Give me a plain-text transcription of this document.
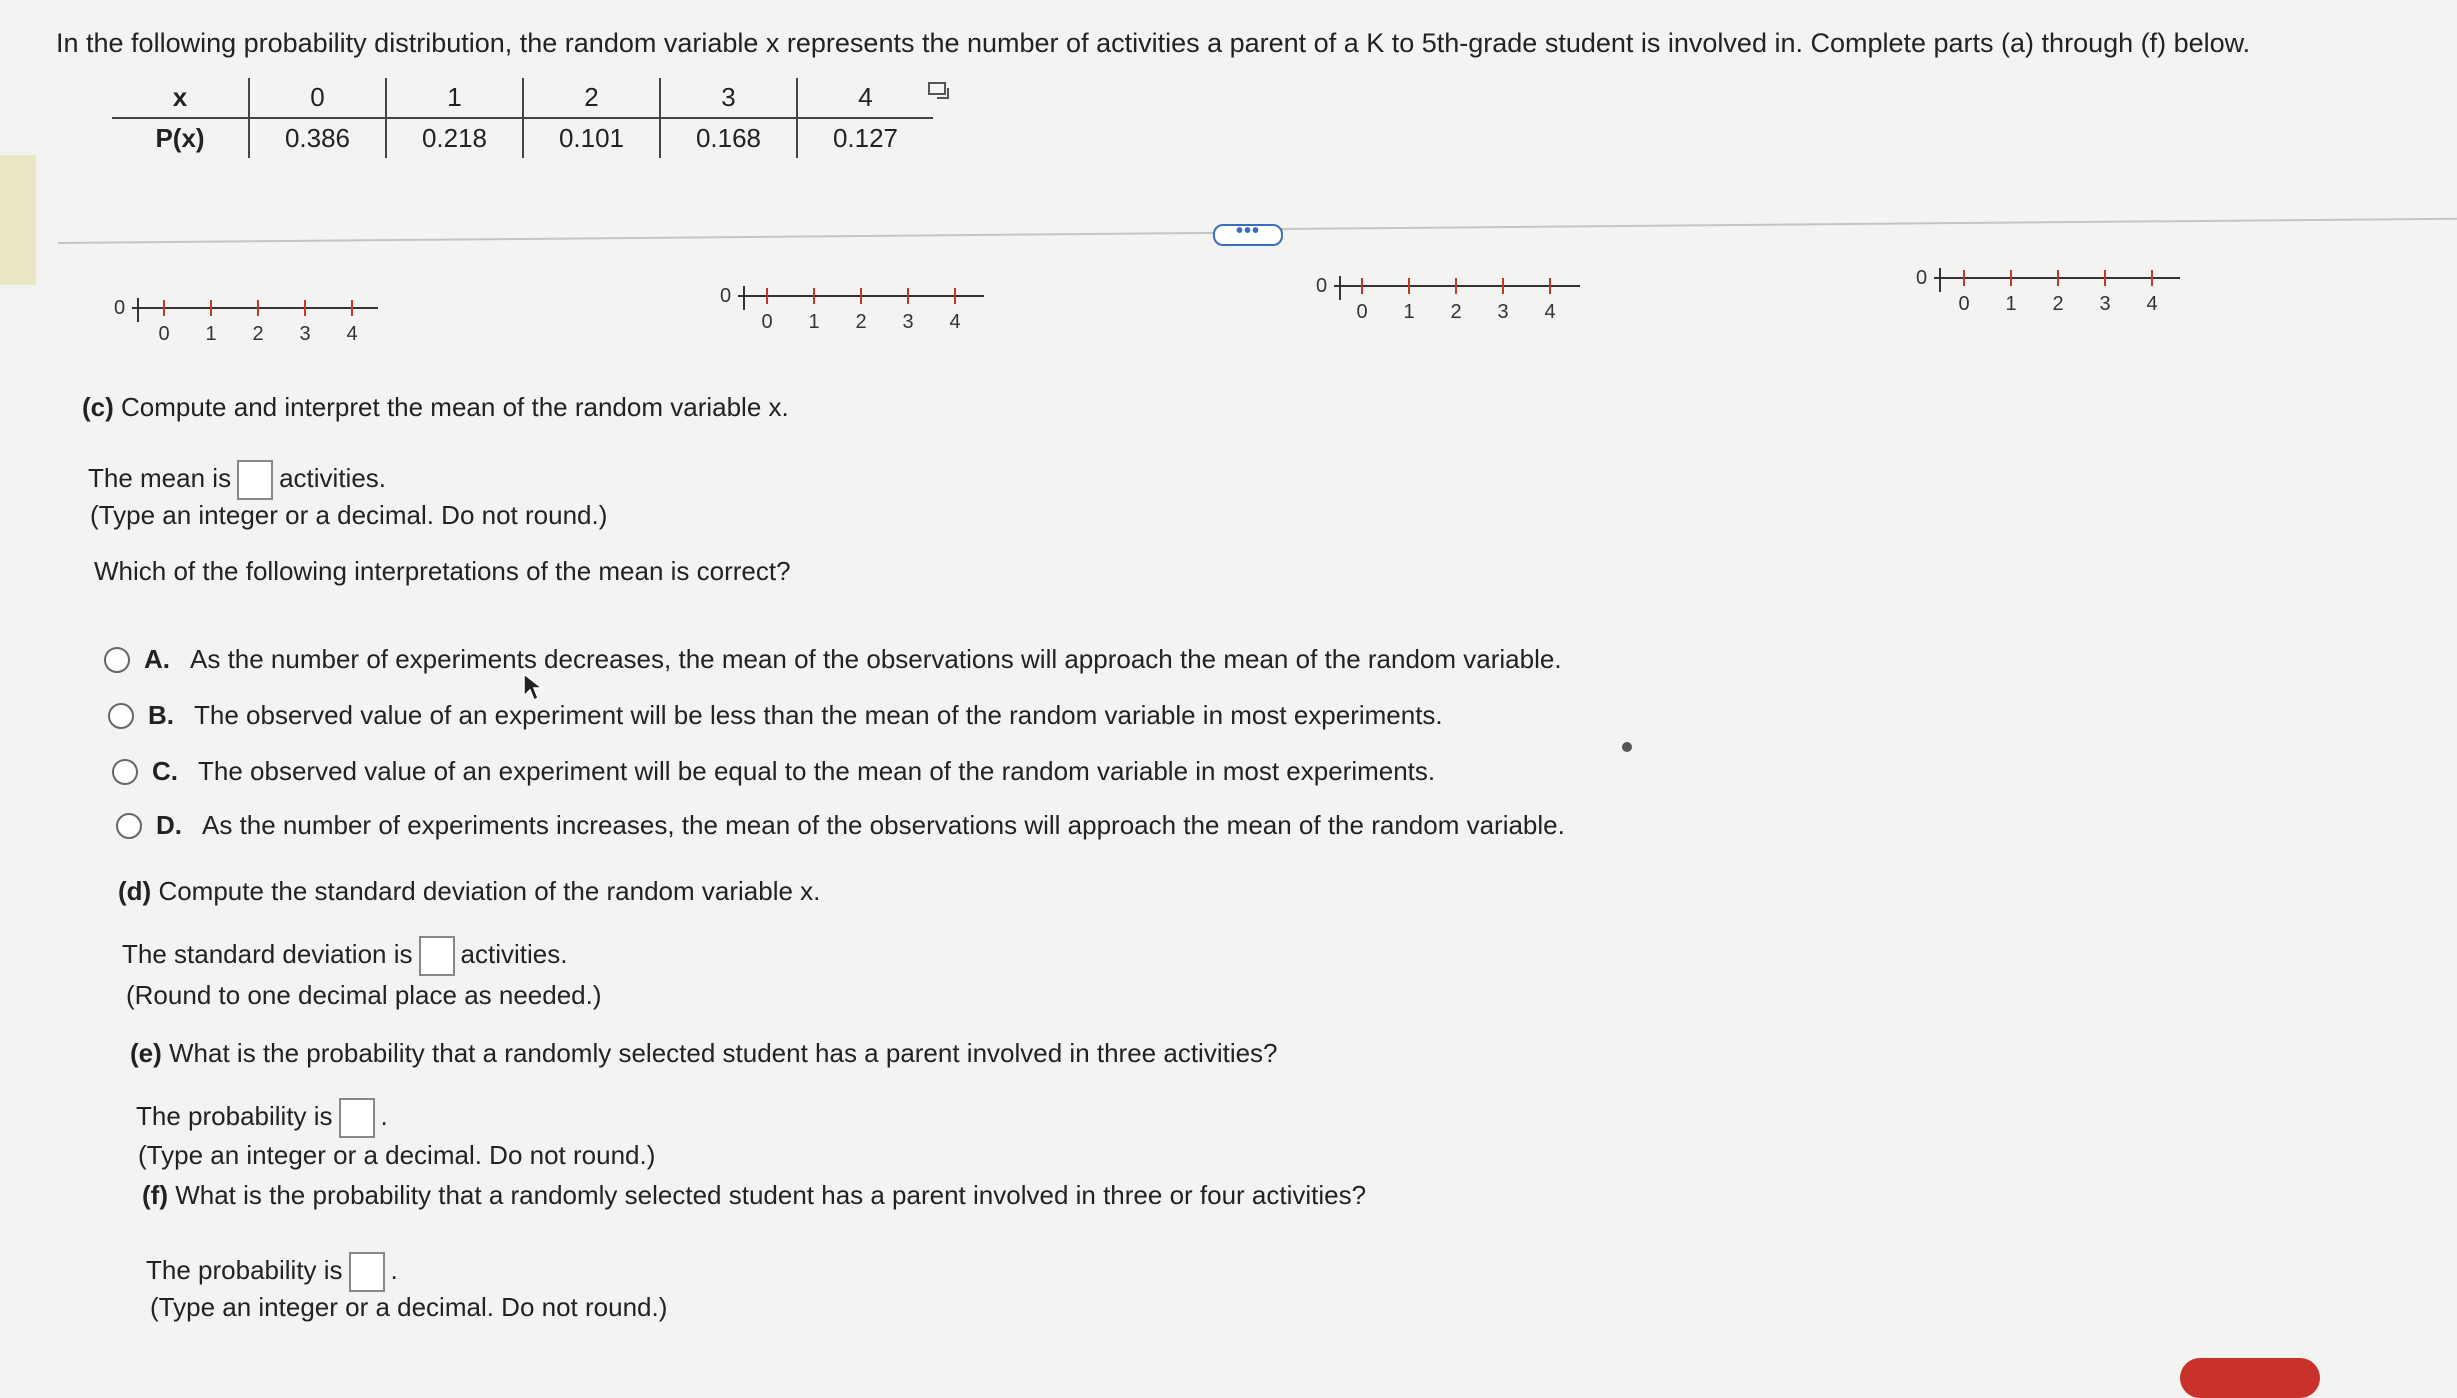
In the following probability distribution, the random variable x represents the number of activities a parent of a K to 5th-grade student is involved in. Complete parts (a) through (f) below.
x	0	1	2	3	4
P(x)	0.386	0.218	0.101	0.168	0.127
•••
0
0 1 2 3 4
0
0 1 2 3 4
0
0 1 2 3 4
0
0 1 2 3 4
(c) Compute and interpret the mean of the random variable x.
The mean is activities.
(Type an integer or a decimal. Do not round.)
Which of the following interpretations of the mean is correct?
A. As the number of experiments decreases, the mean of the observations will approach the mean of the random variable.
B. The observed value of an experiment will be less than the mean of the random variable in most experiments.
C. The observed value of an experiment will be equal to the mean of the random variable in most experiments.
D. As the number of experiments increases, the mean of the observations will approach the mean of the random variable.
(d) Compute the standard deviation of the random variable x.
The standard deviation is activities.
(Round to one decimal place as needed.)
(e) What is the probability that a randomly selected student has a parent involved in three activities?
The probability is .
(Type an integer or a decimal. Do not round.)
(f) What is the probability that a randomly selected student has a parent involved in three or four activities?
The probability is .
(Type an integer or a decimal. Do not round.)
